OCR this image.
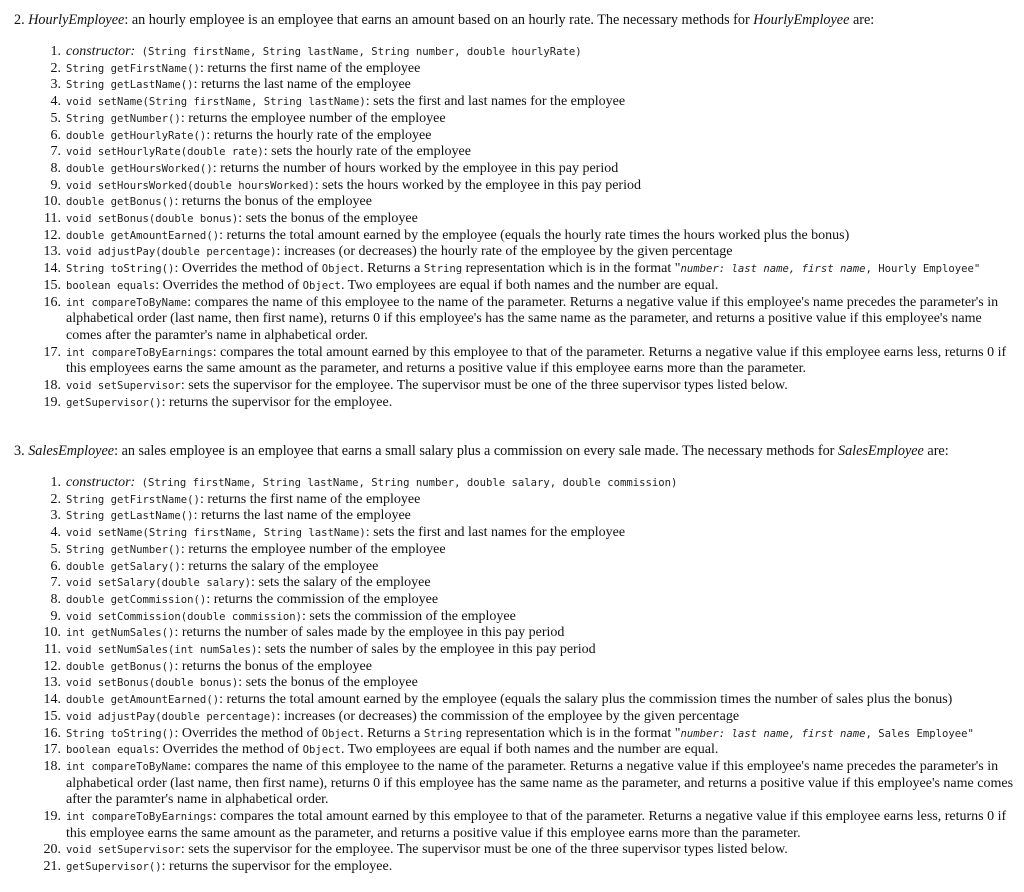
2. HourlyEmployee: an hourly employee is an employee that earns an amount based on an hourly rate. The necessary methods for HourlyEmployee are:
1. constructor: (String firstName, String lastName, String number, double hourlyRate)
2. String getFirstName(): returns the first name of the employee
3. String getLastName(): returns the last name of the employee
4. void setName(String firstName, String lastName): sets the first and last names for the employee
5. String getNumber(): returns the employee number of the employee
6. double getHourlyRate(): returns the hourly rate of the employee
7. void setHourlyRate(double rate): sets the hourly rate of the employee
8. double getHoursWorked(): returns the number of hours worked by the employee in this pay period
9. void setHoursWorked(double hoursWorked): sets the hours worked by the employee in this pay period
10. double getBonus(): returns the bonus of the employee
11. void setBonus(double bonus): sets the bonus of the employee
12. double getAmountEarned(): returns the total amount earned by the employee (equals the hourly rate times the hours worked plus the bonus)
13. void adjustPay(double percentage): increases (or decreases) the hourly rate of the employee by the given percentage
14. String toString(): Overrides the method of Object. Returns a String representation which is in the format "number: last name, first name, Hourly Employee"
15. boolean equals: Overrides the method of Object. Two employees are equal if both names and the number are equal.
16. int compareToByName: compares the name of this employee to the name of the parameter. Returns a negative value if this employee's name precedes the parameter's in alphabetical order (last name, then first name), returns 0 if this employee's has the same name as the parameter, and returns a positive value if this employee's name comes after the paramter's name in alphabetical order.
17. int compareToByEarnings: compares the total amount earned by this employee to that of the parameter. Returns a negative value if this employee earns less, returns 0 if this employees earns the same amount as the parameter, and returns a positive value if this employee earns more than the parameter.
18. void setSupervisor: sets the supervisor for the employee. The supervisor must be one of the three supervisor types listed below.
19. getSupervisor(): returns the supervisor for the employee.
3. SalesEmployee: an sales employee is an employee that earns a small salary plus a commission on every sale made. The necessary methods for SalesEmployee are:
1. constructor: (String firstName, String lastName, String number, double salary, double commission)
2. String getFirstName(): returns the first name of the employee
3. String getLastName(): returns the last name of the employee
4. void setName(String firstName, String lastName): sets the first and last names for the employee
5. String getNumber(): returns the employee number of the employee
6. double getSalary(): returns the salary of the employee
7. void setSalary(double salary): sets the salary of the employee
8. double getCommission(): returns the commission of the employee
9. void setCommission(double commission): sets the commission of the employee
10. int getNumSales(): returns the number of sales made by the employee in this pay period
11. void setNumSales(int numSales): sets the number of sales by the employee in this pay period
12. double getBonus(): returns the bonus of the employee
13. void setBonus(double bonus): sets the bonus of the employee
14. double getAmountEarned(): returns the total amount earned by the employee (equals the salary plus the commission times the number of sales plus the bonus)
15. void adjustPay(double percentage): increases (or decreases) the commission of the employee by the given percentage
16. String toString(): Overrides the method of Object. Returns a String representation which is in the format "number: last name, first name, Sales Employee"
17. boolean equals: Overrides the method of Object. Two employees are equal if both names and the number are equal.
18. int compareToByName: compares the name of this employee to the name of the parameter. Returns a negative value if this employee's name precedes the parameter's in alphabetical order (last name, then first name), returns 0 if this employee has the same name as the parameter, and returns a positive value if this employee's name comes after the paramter's name in alphabetical order.
19. int compareToByEarnings: compares the total amount earned by this employee to that of the parameter. Returns a negative value if this employee earns less, returns 0 if this employee earns the same amount as the parameter, and returns a positive value if this employee earns more than the parameter.
20. void setSupervisor: sets the supervisor for the employee. The supervisor must be one of the three supervisor types listed below.
21. getSupervisor(): returns the supervisor for the employee.
